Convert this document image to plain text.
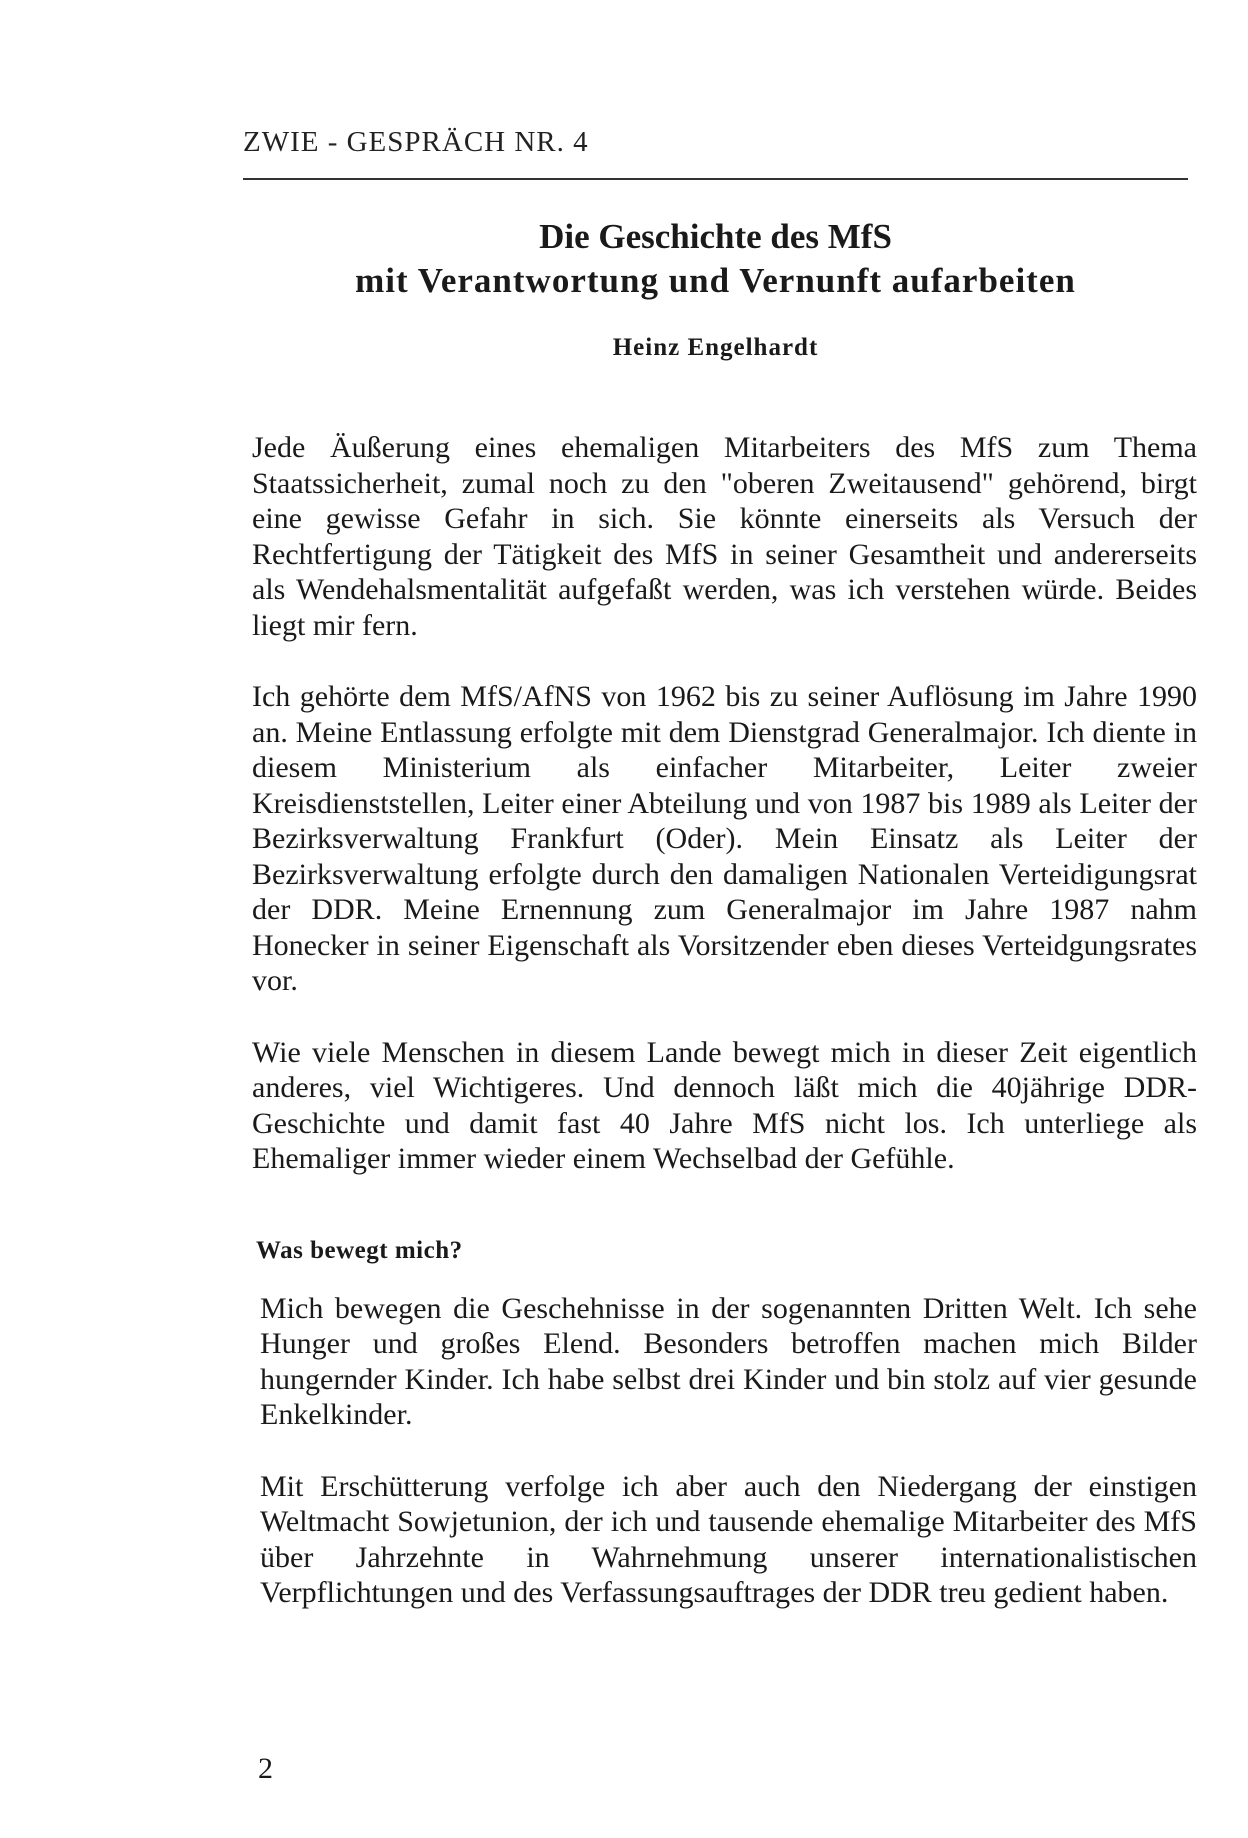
ZWIE - GESPRÄCH NR. 4
Die Geschichte des MfS
mit Verantwortung und Vernunft aufarbeiten
Heinz Engelhardt

Jede Äußerung eines ehemaligen Mitarbeiters des MfS zum Thema Staatssicherheit, zumal noch zu den "oberen Zweitausend" gehörend, birgt eine gewisse Gefahr in sich. Sie könnte einerseits als Versuch der Rechtfertigung der Tätigkeit des MfS in seiner Gesamtheit und andererseits als Wendehalsmentalität aufgefaßt werden, was ich verstehen würde. Beides liegt mir fern.

Ich gehörte dem MfS/AfNS von 1962 bis zu seiner Auflösung im Jahre 1990 an. Meine Entlassung erfolgte mit dem Dienstgrad Generalmajor. Ich diente in diesem Ministerium als einfacher Mitarbeiter, Leiter zweier Kreisdienststellen, Leiter einer Abteilung und von 1987 bis 1989 als Leiter der Bezirksverwaltung Frankfurt (Oder). Mein Einsatz als Leiter der Bezirksverwaltung erfolgte durch den damaligen Nationalen Verteidigungsrat der DDR. Meine Ernennung zum Generalmajor im Jahre 1987 nahm Honecker in seiner Eigenschaft als Vorsitzender eben dieses Verteidgungsrates vor.

Wie viele Menschen in diesem Lande bewegt mich in dieser Zeit eigentlich anderes, viel Wichtigeres. Und dennoch läßt mich die 40jährige DDR-Geschichte und damit fast 40 Jahre MfS nicht los. Ich unterliege als Ehemaliger immer wieder einem Wechselbad der Gefühle.

Was bewegt mich?

Mich bewegen die Geschehnisse in der sogenannten Dritten Welt. Ich sehe Hunger und großes Elend. Besonders betroffen machen mich Bilder hungernder Kinder. Ich habe selbst drei Kinder und bin stolz auf vier gesunde Enkelkinder.

Mit Erschütterung verfolge ich aber auch den Niedergang der einstigen Weltmacht Sowjetunion, der ich und tausende ehemalige Mitarbeiter des MfS über Jahrzehnte in Wahrnehmung unserer internationalistischen Verpflichtungen und des Verfassungsauftrages der DDR treu gedient haben.

2
